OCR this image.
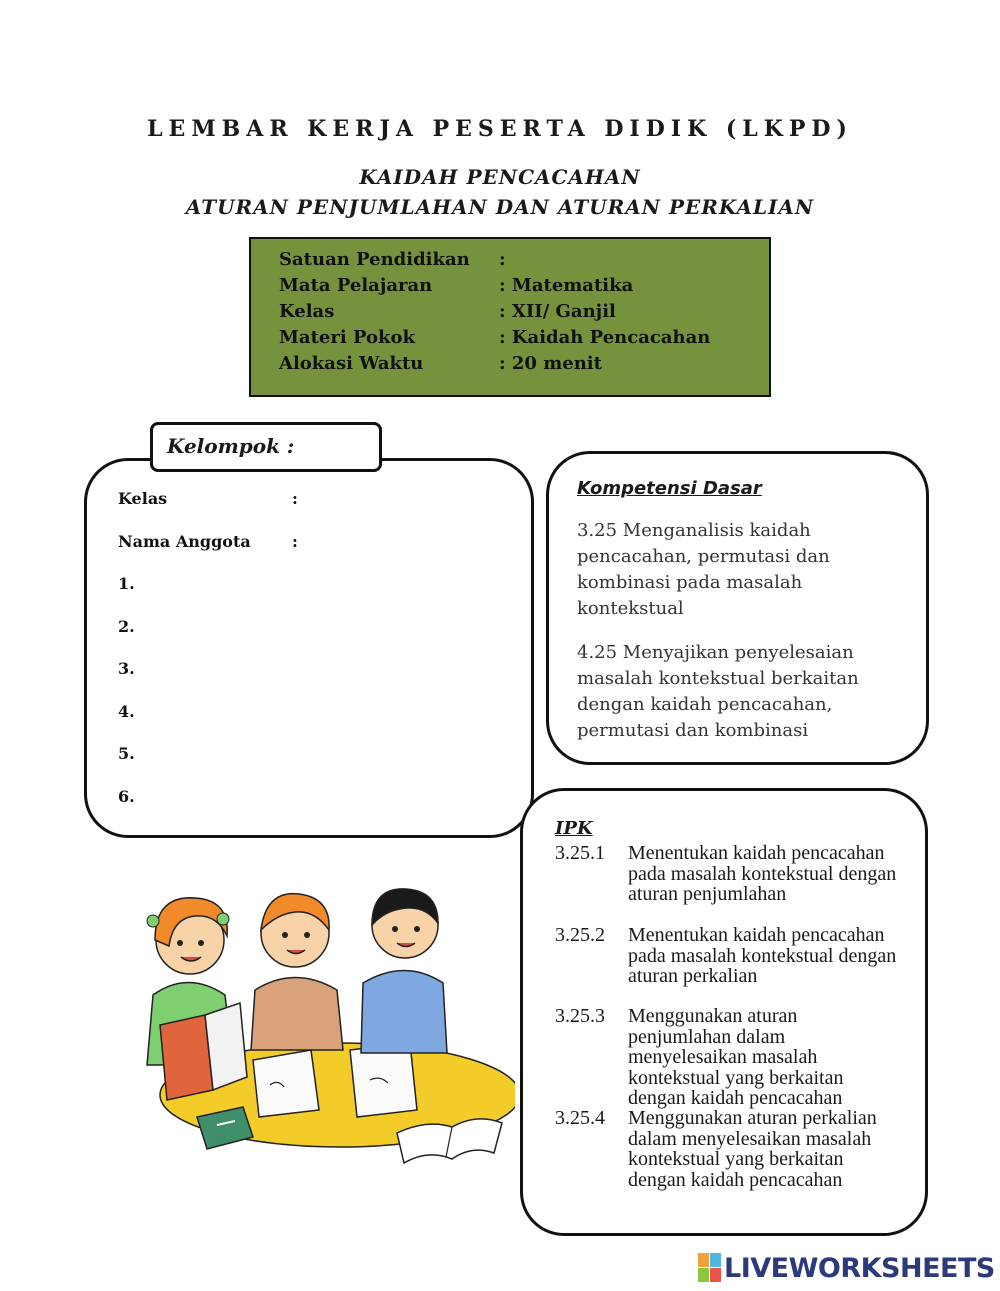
LEMBAR KERJA PESERTA DIDIK (LKPD)
KAIDAH PENCACAHAN
ATURAN PENJUMLAHAN DAN ATURAN PERKALIAN
Satuan Pendidikan :
Mata Pelajaran	: Matematika
Kelas	: XII/ Ganjil
Materi Pokok	: Kaidah Pencacahan
Alokasi Waktu	: 20 menit
Kelompok :
Kelas	:
Nama Anggota	:
1.
2.
3.
4.
5.
6.
Kompetensi Dasar
3.25 Menganalisis kaidah pencacahan, permutasi dan kombinasi pada masalah kontekstual
4.25 Menyajikan penyelesaian masalah kontekstual berkaitan dengan kaidah pencacahan, permutasi dan kombinasi
IPK
3.25.1 Menentukan kaidah pencacahan pada masalah kontekstual dengan aturan penjumlahan
3.25.2 Menentukan kaidah pencacahan pada masalah kontekstual dengan aturan perkalian
3.25.3 Menggunakan aturan penjumlahan dalam menyelesaikan masalah kontekstual yang berkaitan dengan kaidah pencacahan
3.25.4 Menggunakan aturan perkalian dalam menyelesaikan masalah kontekstual yang berkaitan dengan kaidah pencacahan
LIVEWORKSHEETS
